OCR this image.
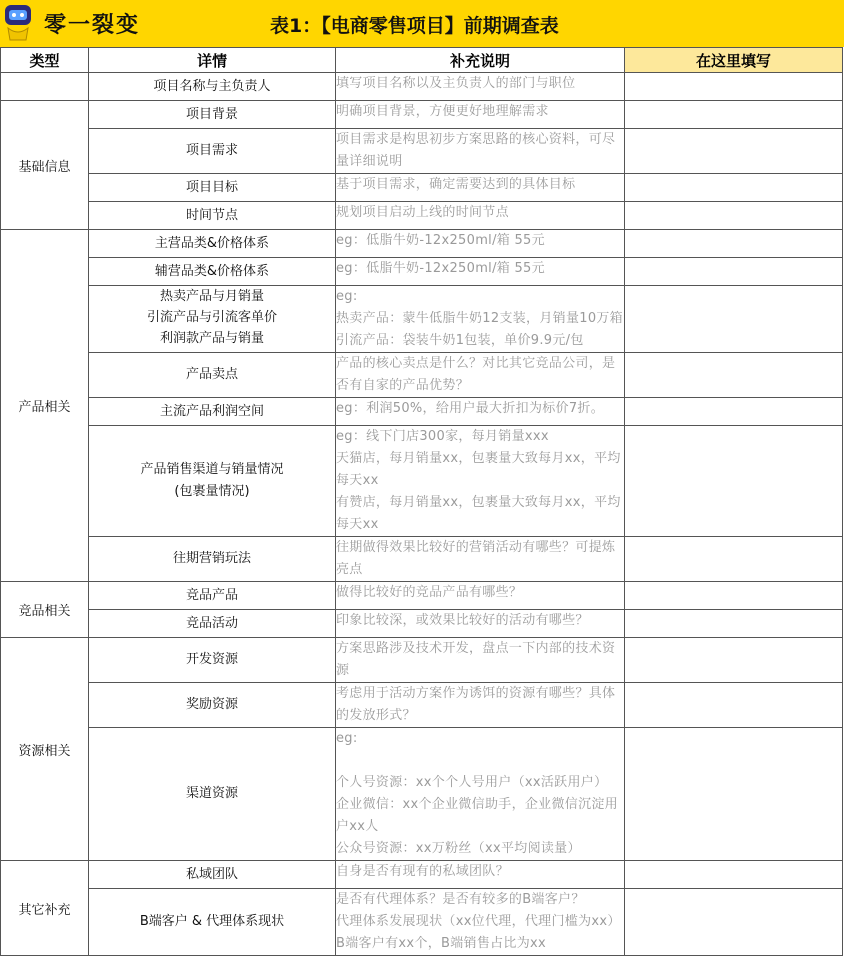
零一裂变	表1：【电商零售项目】前期调查表
类型	详情	补充说明	在这里填写
	项目名称与主负责人	填写项目名称以及主负责人的部门与职位	
基础信息	项目背景	明确项目背景，方便更好地理解需求	
	项目需求	项目需求是构思初步方案思路的核心资料，可尽
量详细说明	
	项目目标	基于项目需求，确定需要达到的具体目标	
	时间节点	规划项目启动上线的时间节点	
产品相关	主营品类&价格体系	eg：低脂牛奶-12x250ml/箱 55元	
	辅营品类&价格体系	eg：低脂牛奶-12x250ml/箱 55元	
	热卖产品与月销量
引流产品与引流客单价
利润款产品与销量	eg:
热卖产品：蒙牛低脂牛奶12支装，月销量10万箱
引流产品：袋装牛奶1包装，单价9.9元/包	
	产品卖点	产品的核心卖点是什么？对比其它竞品公司，是
否有自家的产品优势？	
	主流产品利润空间	eg：利润50%，给用户最大折扣为标价7折。	
	产品销售渠道与销量情况
(包裹量情况)	eg：线下门店300家，每月销量xxx
天猫店，每月销量xx，包裹量大致每月xx，平均
每天xx
有赞店，每月销量xx，包裹量大致每月xx，平均
每天xx	
	往期营销玩法	往期做得效果比较好的营销活动有哪些？可提炼
亮点	
竞品相关	竞品产品	做得比较好的竞品产品有哪些？	
	竞品活动	印象比较深，或效果比较好的活动有哪些？	
资源相关	开发资源	方案思路涉及技术开发，盘点一下内部的技术资
源	
	奖励资源	考虑用于活动方案作为诱饵的资源有哪些？具体
的发放形式？	
	渠道资源	eg:

个人号资源：xx个个人号用户（xx活跃用户）
企业微信：xx个企业微信助手，企业微信沉淀用
户xx人
公众号资源：xx万粉丝（xx平均阅读量）	
其它补充	私域团队	自身是否有现有的私域团队？	
	B端客户 & 代理体系现状	是否有代理体系？是否有较多的B端客户？
代理体系发展现状（xx位代理，代理门槛为xx）
B端客户有xx个，B端销售占比为xx	
